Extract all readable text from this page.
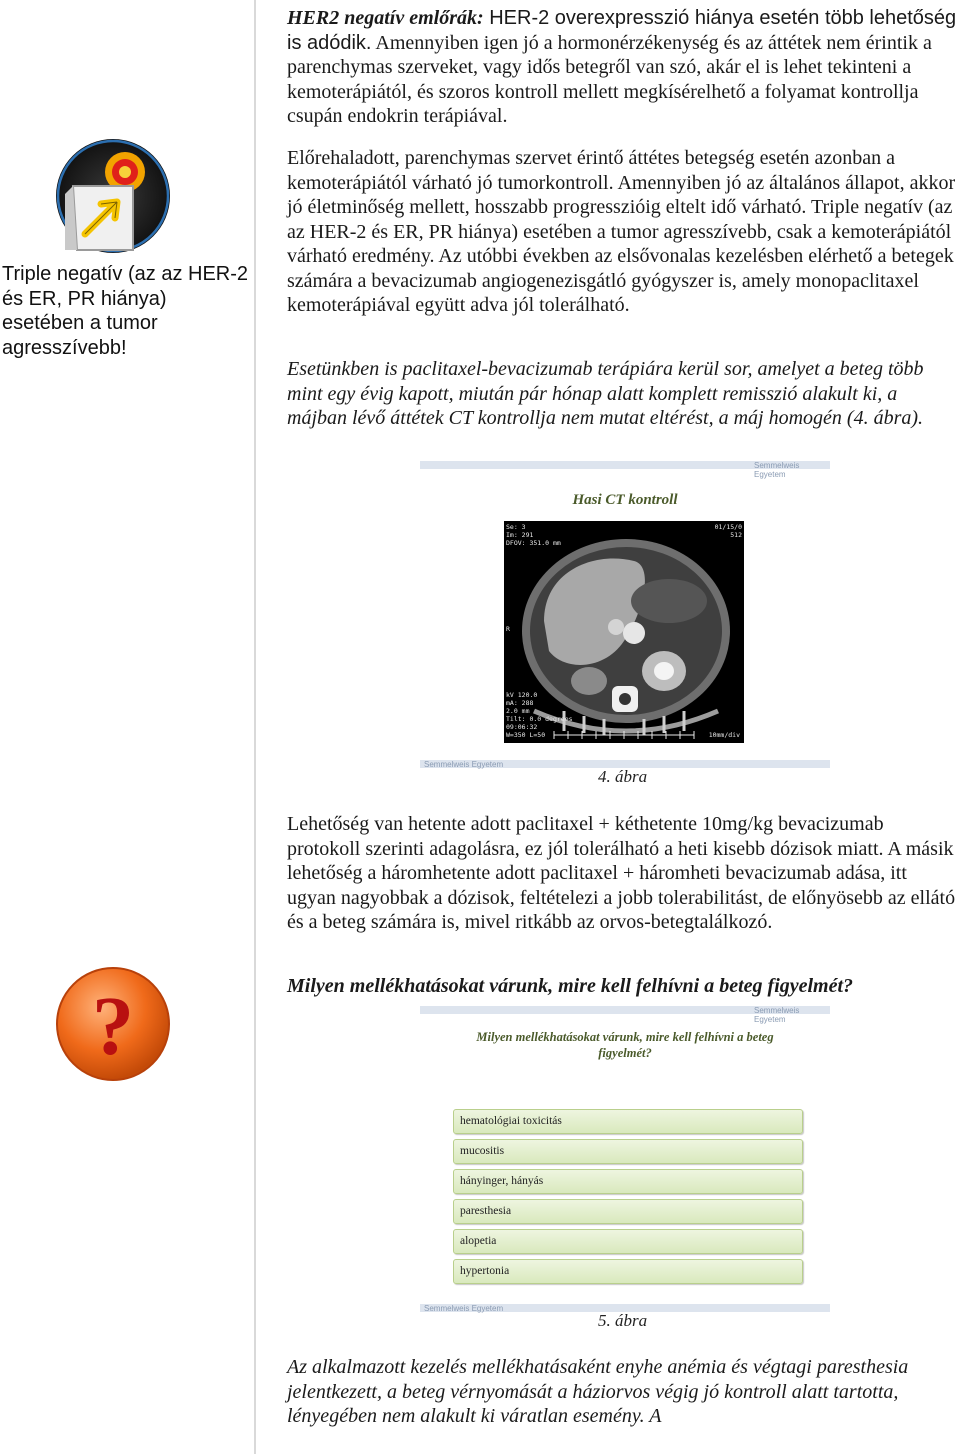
Triple negatív (az az HER-2 és ER, PR hiánya) esetében a tumor agresszívebb!

?

HER2 negatív emlőrák: HER-2 overexpresszió hiánya esetén több lehetőség is adódik. Amennyiben igen jó a hormonérzékenység és az áttétek nem érintik a parenchymas szerveket, vagy idős betegről van szó, akár el is lehet tekinteni a kemoterápiától, és szoros kontroll mellett megkísérelhető a folyamat kontrollja csupán endokrin terápiával.

Előrehaladott, parenchymas szervet érintő áttétes betegség esetén azonban a kemoterápiától várható jó tumorkontroll. Amennyiben jó az általános állapot, akkor jó életminőség mellett, hosszabb progresszióig eltelt idő várható. Triple negatív (az az HER-2 és ER, PR hiánya) esetében a tumor agresszívebb, csak a kemoterápiától várható eredmény. Az utóbbi években az elsővonalas kezelésben elérhető a betegek számára a bevacizumab angiogenezisgátló gyógyszer is, amely monopaclitaxel kemoterápiával együtt adva jól tolerálható.

Esetünkben is paclitaxel-bevacizumab terápiára kerül sor, amelyet a beteg több mint egy évig kapott, miután pár hónap alatt komplett remisszió alakult ki, a májban lévő áttétek CT kontrollja nem mutat eltérést, a máj homogén (4. ábra).

Semmelweis Egyetem
Hasi CT kontroll
Se: 3
Im: 291
DFOV: 351.0 mm
01/15/0
512
R
kV 120.0
mA: 288
2.0 mm
Tilt: 0.0 degrees
09:06:32
W=350 L=50	10mm/div
Semmelweis Egyetem
4. ábra

Lehetőség van hetente adott paclitaxel + kéthetente 10mg/kg bevacizumab protokoll szerinti adagolásra, ez jól tolerálható a heti kisebb dózisok miatt. A másik lehetőség a háromhetente adott paclitaxel + háromheti bevacizumab adása, itt ugyan nagyobbak a dózisok, feltételezi a jobb tolerabilitást, de előnyösebb az ellátó és a beteg számára is, mivel ritkább az orvos-betegtalálkozó.

Milyen mellékhatásokat várunk, mire kell felhívni a beteg figyelmét?

Semmelweis Egyetem
Milyen mellékhatásokat várunk, mire kell felhívni a beteg
figyelmét?
Semmelweis Egyetem
5. ábra
hematológiai toxicitás
mucositis
hányinger, hányás
paresthesia
alopetia
hypertonia

Az alkalmazott kezelés mellékhatásaként enyhe anémia és végtagi paresthesia jelentkezett, a beteg vérnyomását a háziorvos végig jó kontroll alatt tartotta, lényegében nem alakult ki váratlan esemény. A
